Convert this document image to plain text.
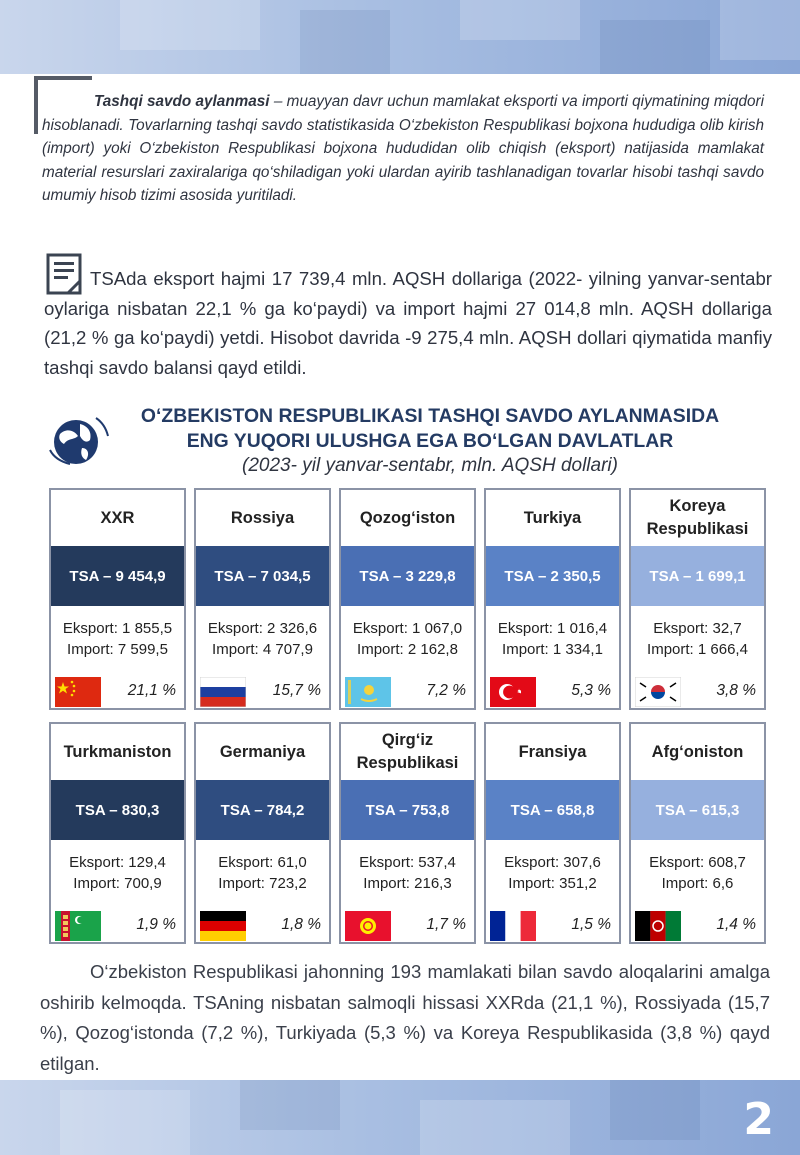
Tashqi savdo aylanmasi – muayyan davr uchun mamlakat eksporti va importi qiymatining miqdori hisoblanadi. Tovarlarning tashqi savdo statistikasida O‘zbekiston Respublikasi bojxona hududiga olib kirish (import) yoki O‘zbekiston Respublikasi bojxona hududidan olib chiqish (eksport) natijasida mamlakat material resurslari zaxiralariga qo‘shiladigan yoki ulardan ayirib tashlanadigan tovarlar hisobi tashqi savdo umumiy hisob tizimi asosida yuritiladi.

TSAda eksport hajmi 17 739,4 mln. AQSH dollariga (2022- yilning yanvar-sentabr oylariga nisbatan 22,1 % ga ko‘paydi) va import hajmi 27 014,8 mln. AQSH dollariga (21,2 % ga ko‘paydi) yetdi. Hisobot davrida -9 275,4 mln. AQSH dollari qiymatida manfiy tashqi savdo balansi qayd etildi.

O‘ZBEKISTON RESPUBLIKASI TASHQI SAVDO AYLANMASIDA
ENG YUQORI ULUSHGA EGA BO‘LGAN DAVLATLAR
(2023- yil yanvar-sentabr, mln. AQSH dollari)
XXR
TSA – 9 454,9
Eksport: 1 855,5
Import: 7 599,5
21,1 %
Rossiya
TSA – 7 034,5
Eksport: 2 326,6
Import: 4 707,9
15,7 %
Qozog‘iston
TSA – 3 229,8
Eksport: 1 067,0
Import: 2 162,8
7,2 %
Turkiya
TSA – 2 350,5
Eksport: 1 016,4
Import: 1 334,1
5,3 %
Koreya Respublikasi
TSA – 1 699,1
Eksport: 32,7
Import: 1 666,4
3,8 %
Turkmaniston
TSA – 830,3
Eksport: 129,4
Import: 700,9
1,9 %
Germaniya
TSA – 784,2
Eksport: 61,0
Import: 723,2
1,8 %
Qirg‘iz Respublikasi
TSA – 753,8
Eksport: 537,4
Import: 216,3
1,7 %
Fransiya
TSA – 658,8
Eksport: 307,6
Import: 351,2
1,5 %
Afg‘oniston
TSA – 615,3
Eksport: 608,7
Import: 6,6
1,4 %

O‘zbekiston Respublikasi jahonning 193 mamlakati bilan savdo aloqalarini amalga oshirib kelmoqda. TSAning nisbatan salmoqli hissasi XXRda (21,1 %), Rossiyada (15,7 %), Qozog‘istonda (7,2 %), Turkiyada (5,3 %) va Koreya Respublikasida (3,8 %) qayd etilgan.

2
